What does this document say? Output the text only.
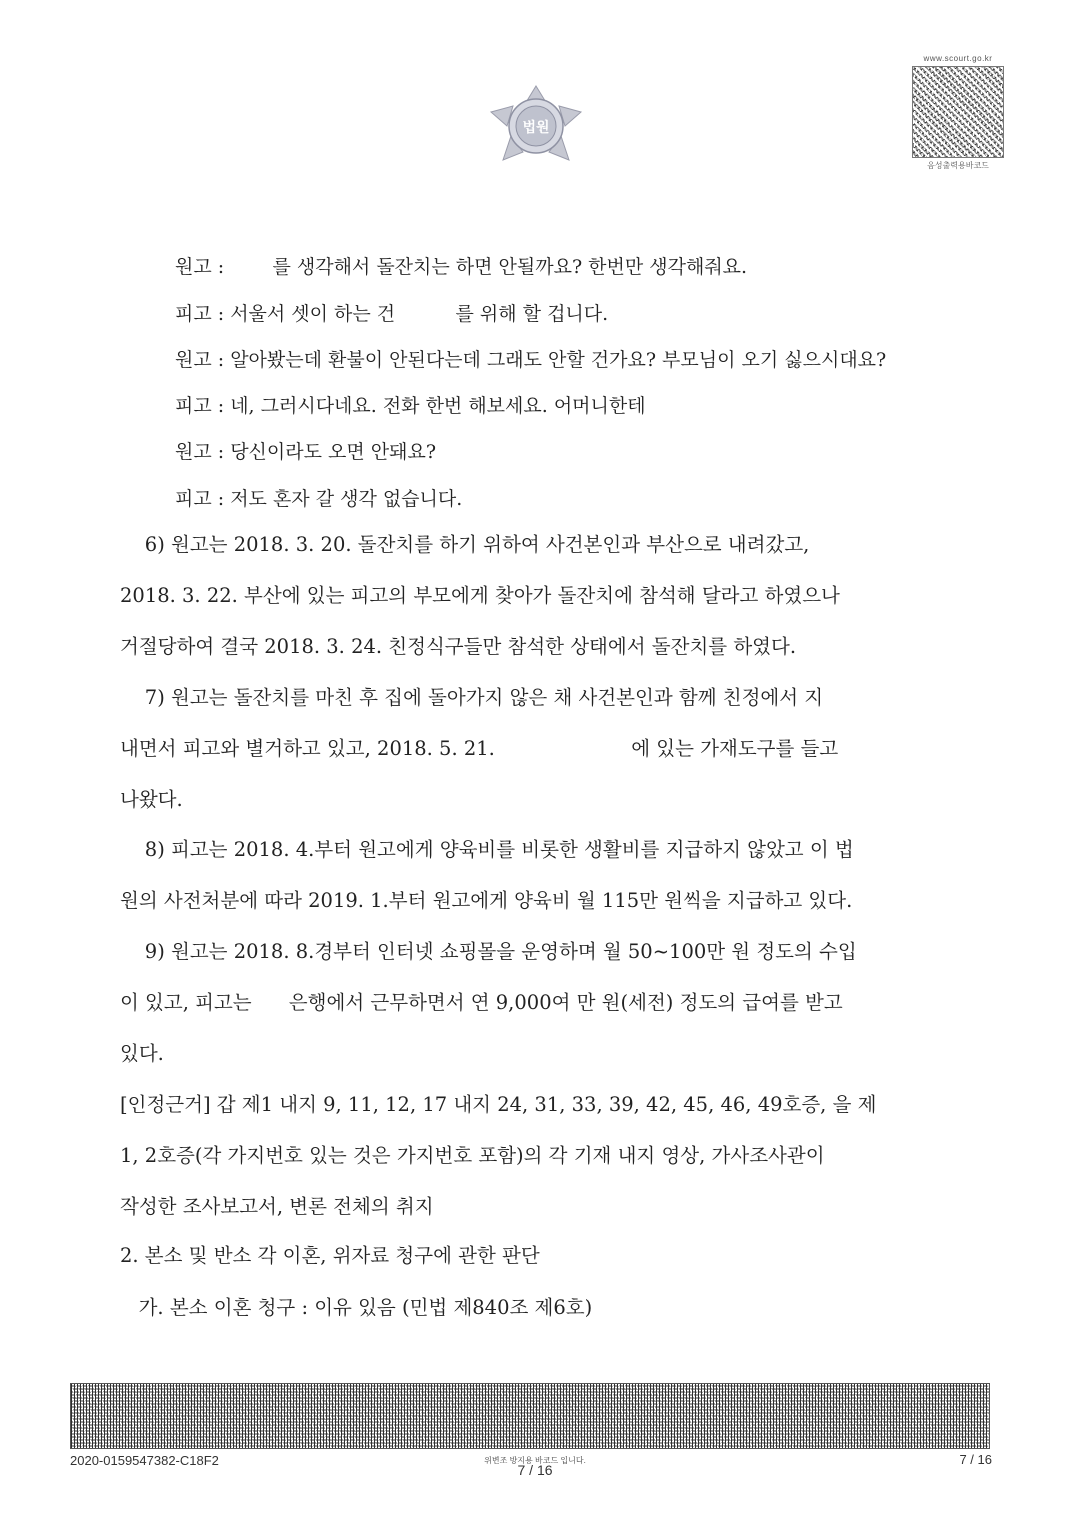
법원
www.scourt.go.kr
음성출력용바코드
원고 :        를 생각해서 돌잔치는 하면 안될까요? 한번만 생각해줘요.
피고 : 서울서 셋이 하는 건          를 위해 할 겁니다.
원고 : 알아봤는데 환불이 안된다는데 그래도 안할 건가요? 부모님이 오기 싫으시대요?
피고 : 네, 그러시다네요. 전화 한번 해보세요. 어머니한테
원고 : 당신이라도 오면 안돼요?
피고 : 저도 혼자 갈 생각 없습니다.
6) 원고는 2018. 3. 20. 돌잔치를 하기 위하여 사건본인과 부산으로 내려갔고,
2018. 3. 22. 부산에 있는 피고의 부모에게 찾아가 돌잔치에 참석해 달라고 하였으나
거절당하여 결국 2018. 3. 24. 친정식구들만 참석한 상태에서 돌잔치를 하였다.
7) 원고는 돌잔치를 마친 후 집에 돌아가지 않은 채 사건본인과 함께 친정에서 지
내면서 피고와 별거하고 있고, 2018. 5. 21.                      에 있는 가재도구를 들고
나왔다.
8) 피고는 2018. 4.부터 원고에게 양육비를 비롯한 생활비를 지급하지 않았고 이 법
원의 사전처분에 따라 2019. 1.부터 원고에게 양육비 월 115만 원씩을 지급하고 있다.
9) 원고는 2018. 8.경부터 인터넷 쇼핑몰을 운영하며 월 50~100만 원 정도의 수입
이 있고, 피고는      은행에서 근무하면서 연 9,000여 만 원(세전) 정도의 급여를 받고
있다.
[인정근거] 갑 제1 내지 9, 11, 12, 17 내지 24, 31, 33, 39, 42, 45, 46, 49호증, 을 제
1, 2호증(각 가지번호 있는 것은 가지번호 포함)의 각 기재 내지 영상, 가사조사관이
작성한 조사보고서, 변론 전체의 취지
2. 본소 및 반소 각 이혼, 위자료 청구에 관한 판단
가. 본소 이혼 청구 : 이유 있음 (민법 제840조 제6호)
2020-0159547382-C18F2	위변조 방지용 바코드 입니다.
7 / 16
7 / 16
